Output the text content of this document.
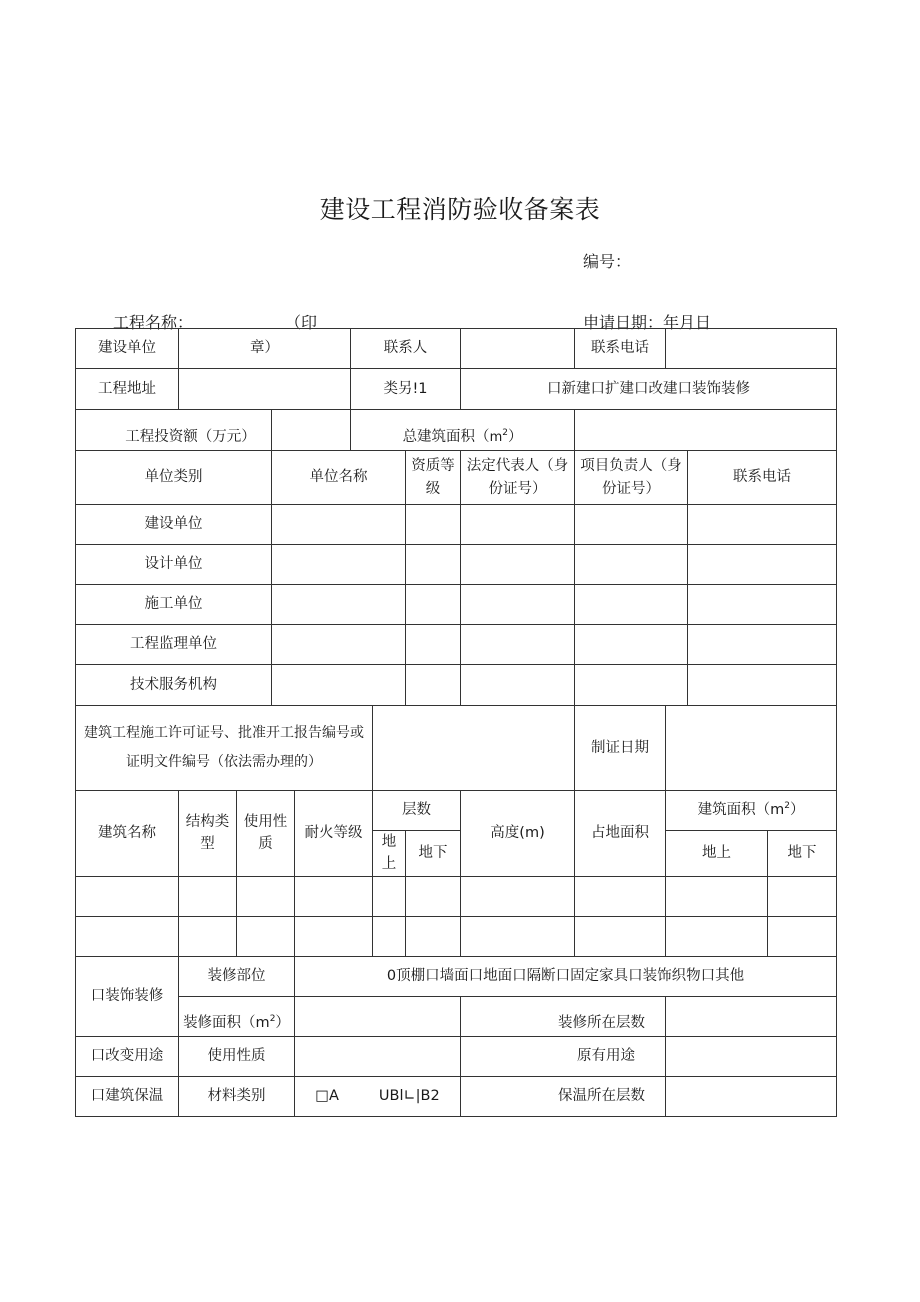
建设工程消防验收备案表
编号：
工程名称：	（印	申请日期：年月日
建设单位	章）				联系人				联系电话			
工程地址					类另!1			口新建口扩建口改建口装饰装修				
工程投资额（万元）					总建筑面积$(m^2)$							
单位类别			单位名称				资质等级	法定代表人（身份证号）	项目负责人（身份证号）		联系电话	
建设单位												
设计单位												
施工单位												
工程监理单位												
技术服务机构												
建筑工程施工许可证号、批准开工报告编号或证明文件编号（依法需办理的）									制证日期			
建筑名称	结构类型	使用性质		耐火等级		层数		高度(m)	占地面积	建筑面积$(m^2)$		
						地上	地下			地上		地下

口装饰装修	装修部位			0顶棚口墙面口地面口隔断口固定家具口装饰织物口其他								
	装修面积$(m^2)$							装修所在层数				
口改变用途	使用性质							原有用途				
口建筑保温	材料类别			□A UBl∟|B2				保温所在层数				
